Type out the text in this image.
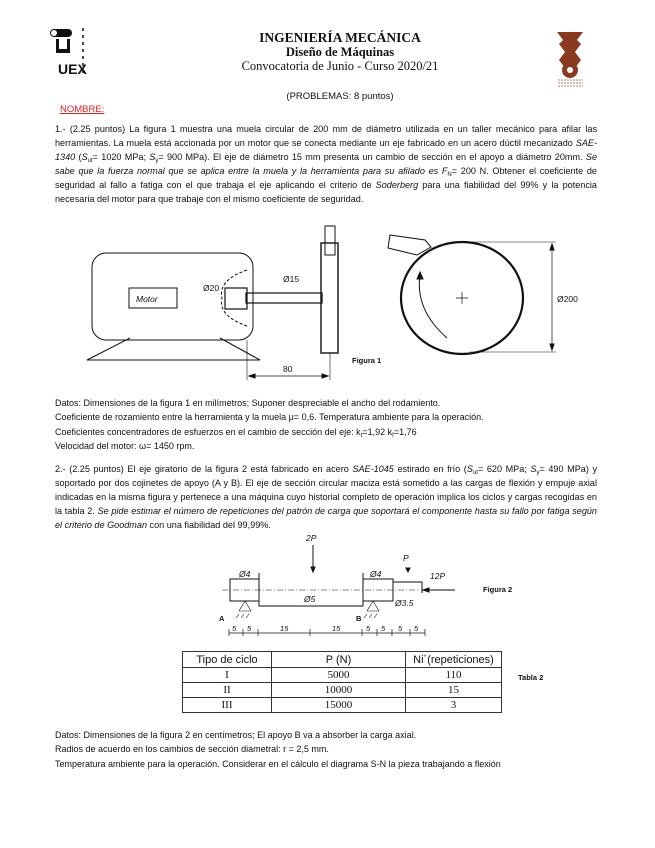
UEX
INGENIERÍA MECÁNICA
Diseño de Máquinas
Convocatoria de Junio - Curso 2020/21
(PROBLEMAS: 8 puntos)
NOMBRE:
1.- (2.25 puntos) La figura 1 muestra una muela circular de 200 mm de diámetro utilizada en un taller mecánico para afilar las herramientas. La muela está accionada por un motor que se conecta mediante un eje fabricado en un acero dúctil mecanizado SAE-1340 ($S_{ut}= 1020$ MPa; $S_y= 900$ MPa). El eje de diámetro 15 mm presenta un cambio de sección en el apoyo a diámetro 20mm. Se sabe que la fuerza normal que se aplica entre la muela y la herramienta para su afilado es $F_N= 200$ N. Obtener el coeficiente de seguridad al fallo a fatiga con el que trabaja el eje aplicando el criterio de Soderberg para una fiabilidad del 99% y la potencia necesaria del motor para que trabaje con el mismo coeficiente de seguridad.
Motor
Ø20
Ø15
80
Figura 1
Ø200
Datos: Dimensiones de la figura 1 en milímetros; Suponer despreciable el ancho del rodamiento.
Coeficiente de rozamiento entre la herramienta y la muela μ= 0,6. Temperatura ambiente para la operación.
Coeficientes concentradores de esfuerzos en el cambio de sección del eje: $k_t=1,92$ $k_f=1,76$
Velocidad del motor: ω= 1450 rpm.
2.- (2.25 puntos) El eje giratorio de la figura 2 está fabricado en acero SAE-1045 estirado en frío ($S_{ut}= 620$ MPa; $S_y= 490$ MPa) y soportado por dos cojinetes de apoyo (A y B). El eje de sección circular maciza está sometido a las cargas de flexión y empuje axial indicadas en la misma figura y pertenece a una máquina cuyo historial completo de operación implica los ciclos y cargas recogidas en la tabla 2. Se pide estimar el número de repeticiones del patrón de carga que soportará el componente hasta su fallo por fatiga según el criterio de Goodman con una fiabilidad del 99,99%.
2P
P
12P
Ø4	Ø4
Ø5	Ø3.5
5 5	15	15	5 5 5 5
A	B
Figura 2
Tipo de ciclo	P (N)	Ni´(repeticiones)
I	5000	110
II	10000	15
III	15000	3
Tabla 2
Datos: Dimensiones de la figura 2 en centímetros; El apoyo B va a absorber la carga axial.
Radios de acuerdo en los cambios de sección diametral: r = 2,5 mm.
Temperatura ambiente para la operación. Considerar en el cálculo el diagrama S-N la pieza trabajando a flexión
